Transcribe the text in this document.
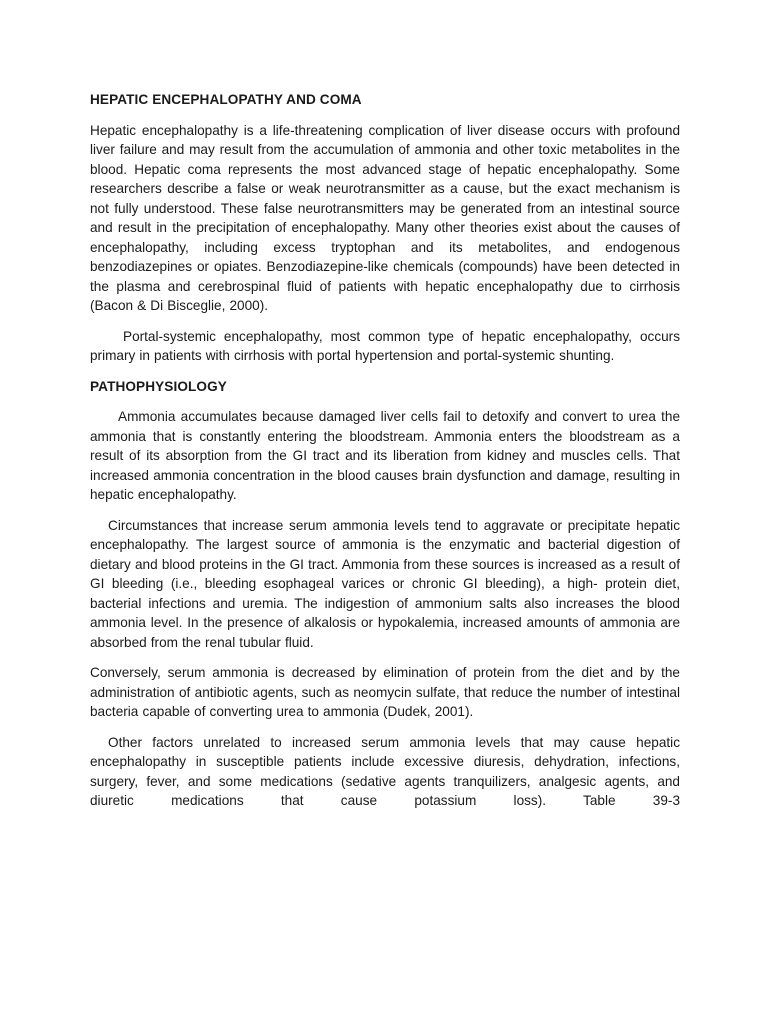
HEPATIC ENCEPHALOPATHY AND COMA

Hepatic encephalopathy is a life-threatening complication of liver disease occurs with profound liver failure and may result from the accumulation of ammonia and other toxic metabolites in the blood. Hepatic coma represents the most advanced stage of hepatic encephalopathy. Some researchers describe a false or weak neurotransmitter as a cause, but the exact mechanism is not fully understood. These false neurotransmitters may be generated from an intestinal source and result in the precipitation of encephalopathy. Many other theories exist about the causes of encephalopathy, including excess tryptophan and its metabolites, and endogenous benzodiazepines or opiates. Benzodiazepine-like chemicals (compounds) have been detected in the plasma and cerebrospinal fluid of patients with hepatic encephalopathy due to cirrhosis (Bacon & Di Bisceglie, 2000).

Portal-systemic encephalopathy, most common type of hepatic encephalopathy, occurs primary in patients with cirrhosis with portal hypertension and portal-systemic shunting.

PATHOPHYSIOLOGY

Ammonia accumulates because damaged liver cells fail to detoxify and convert to urea the ammonia that is constantly entering the bloodstream. Ammonia enters the bloodstream as a result of its absorption from the GI tract and its liberation from kidney and muscles cells. That increased ammonia concentration in the blood causes brain dysfunction and damage, resulting in hepatic encephalopathy.

Circumstances that increase serum ammonia levels tend to aggravate or precipitate hepatic encephalopathy. The largest source of ammonia is the enzymatic and bacterial digestion of dietary and blood proteins in the GI tract. Ammonia from these sources is increased as a result of GI bleeding (i.e., bleeding esophageal varices or chronic GI bleeding), a high- protein diet, bacterial infections and uremia. The indigestion of ammonium salts also increases the blood ammonia level. In the presence of alkalosis or hypokalemia, increased amounts of ammonia are absorbed from the renal tubular fluid.

Conversely, serum ammonia is decreased by elimination of protein from the diet and by the administration of antibiotic agents, such as neomycin sulfate, that reduce the number of intestinal bacteria capable of converting urea to ammonia (Dudek, 2001).

Other factors unrelated to increased serum ammonia levels that may cause hepatic encephalopathy in susceptible patients include excessive diuresis, dehydration, infections, surgery, fever, and some medications (sedative agents tranquilizers, analgesic agents, and diuretic medications that cause potassium loss). Table 39-3
